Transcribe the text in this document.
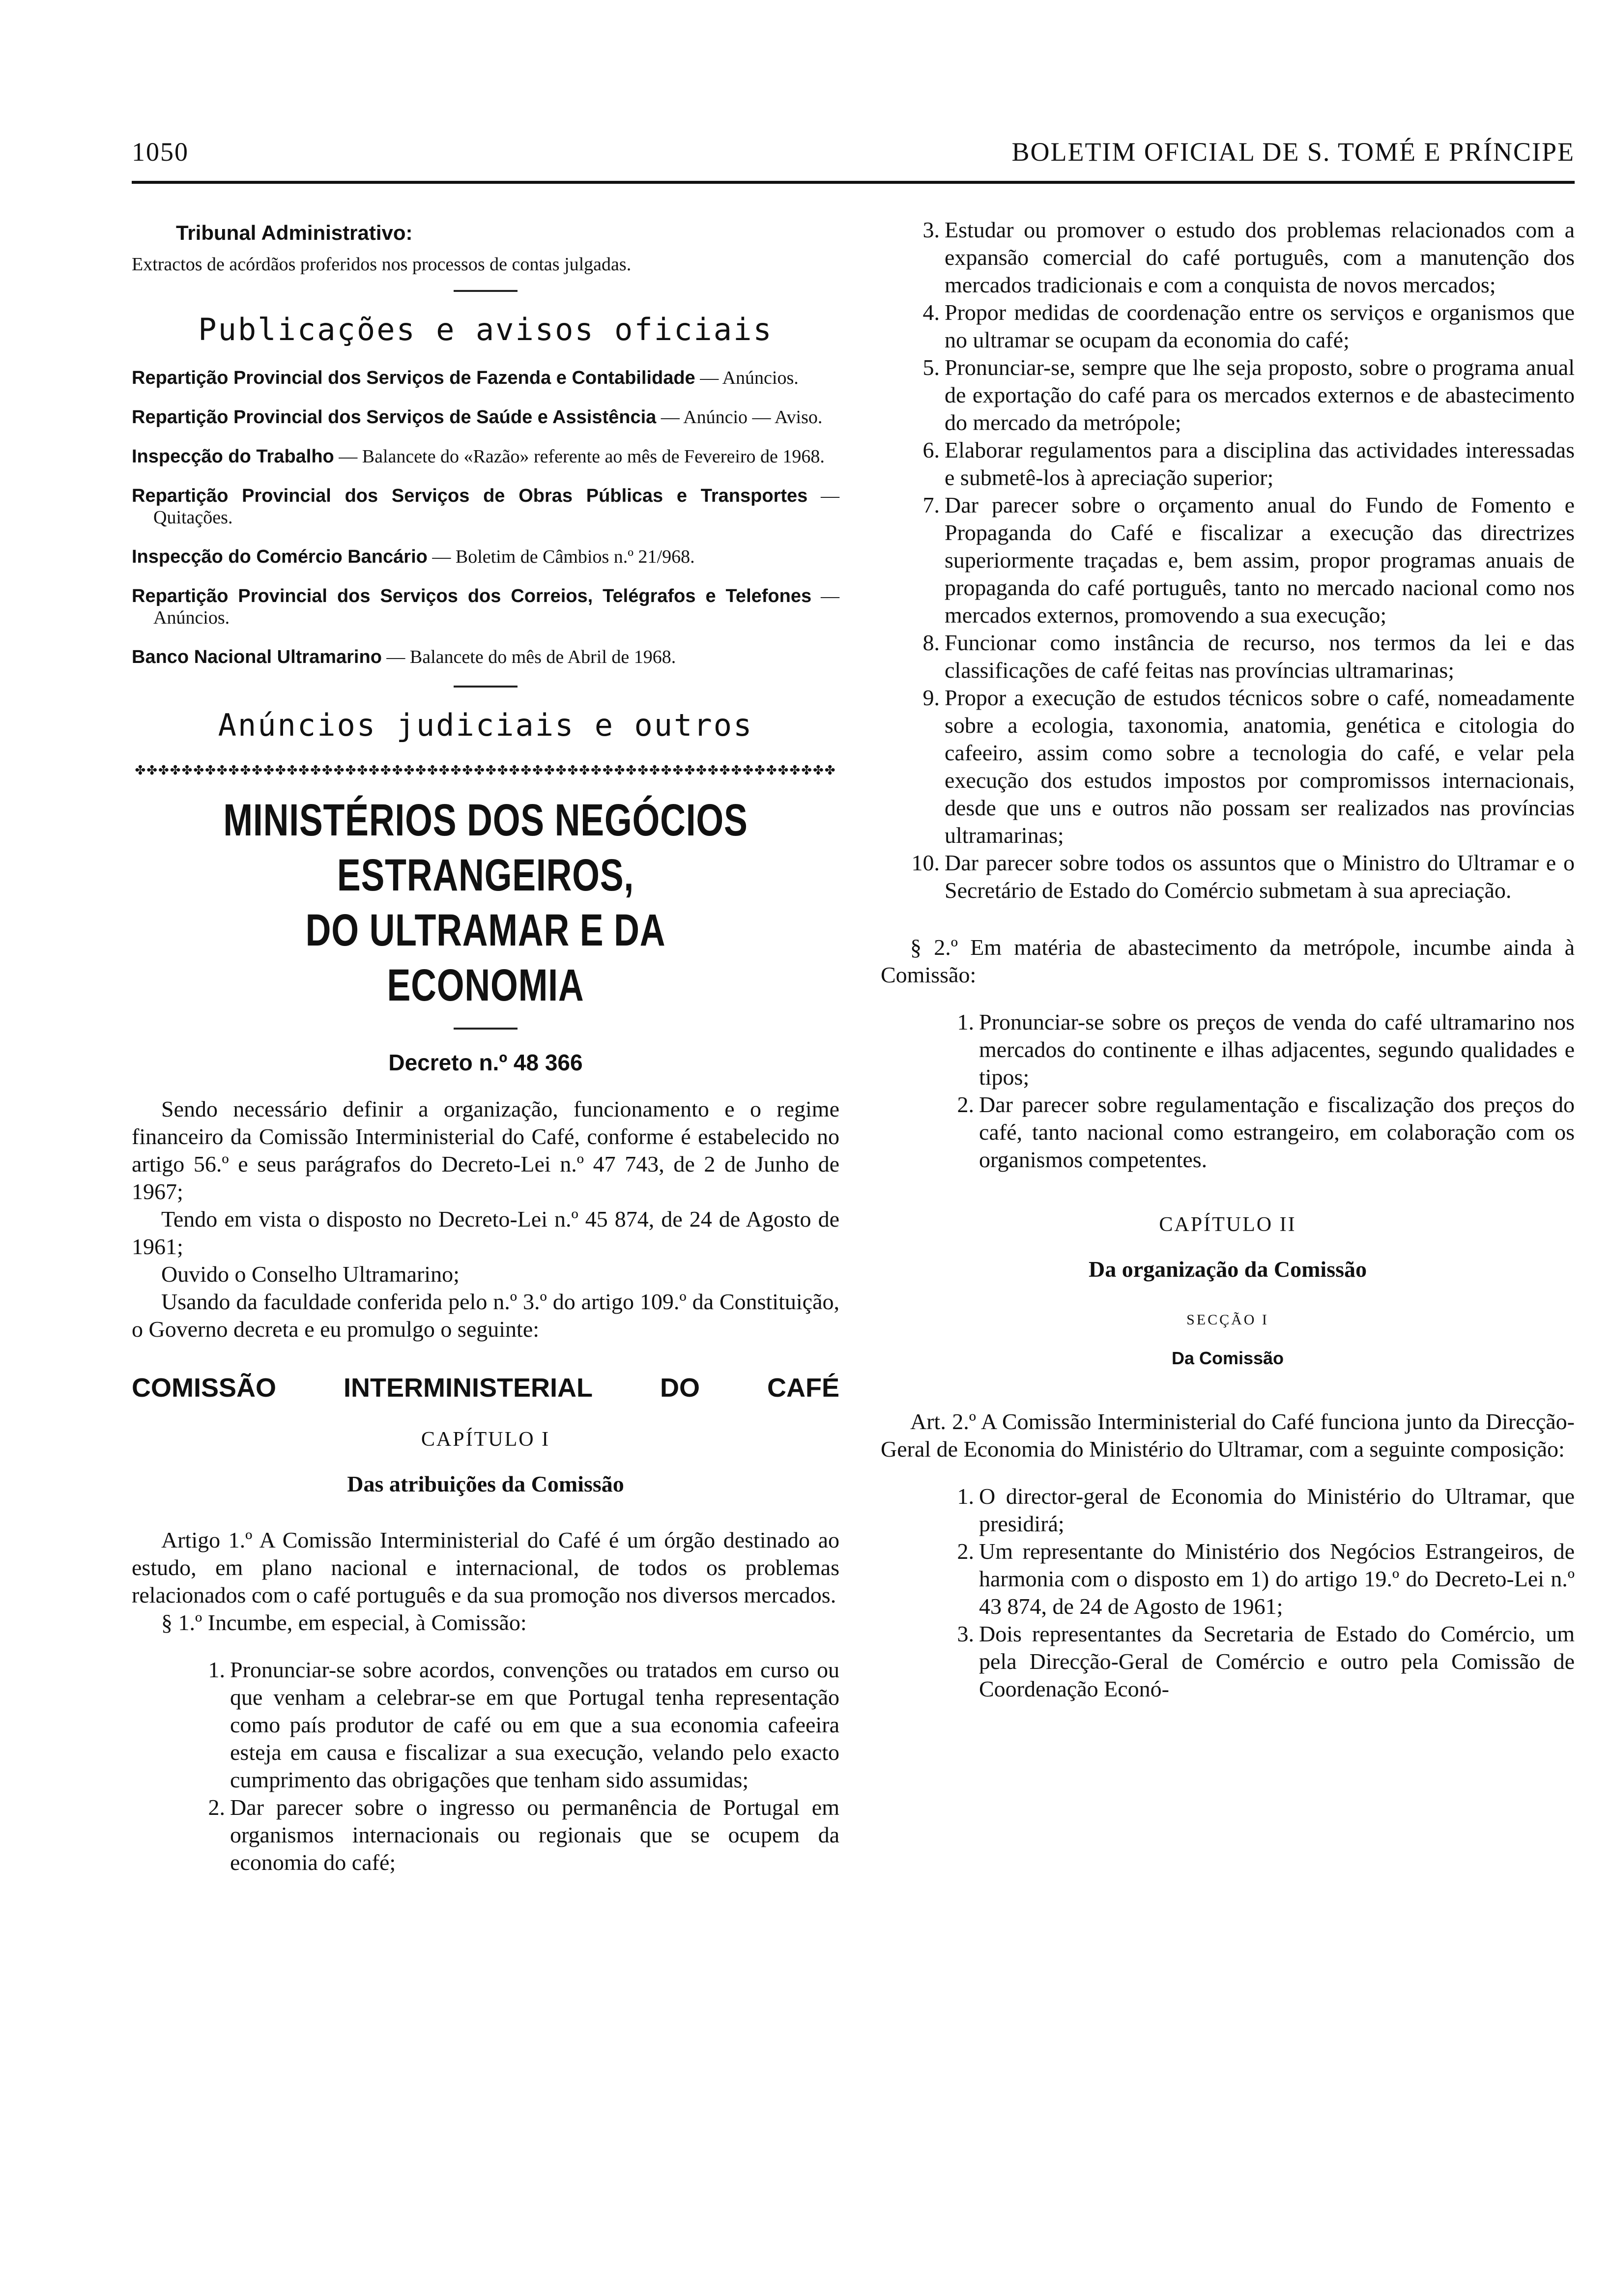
1050	BOLETIM OFICIAL DE S. TOMÉ E PRÍNCIPE
Tribunal Administrativo:
Extractos de acórdãos proferidos nos processos de contas julgadas.
Publicações e avisos oficiais
Repartição Provincial dos Serviços de Fazenda e Contabilidade — Anúncios.
Repartição Provincial dos Serviços de Saúde e Assistência — Anúncio — Aviso.
Inspecção do Trabalho — Balancete do «Razão» referente ao mês de Fevereiro de 1968.
Repartição Provincial dos Serviços de Obras Públicas e Transportes — Quitações.
Inspecção do Comércio Bancário — Boletim de Câmbios n.º 21/968.
Repartição Provincial dos Serviços dos Correios, Telégrafos e Telefones — Anúncios.
Banco Nacional Ultramarino — Balancete do mês de Abril de 1968.
Anúncios judiciais e outros
✤✤✤✤✤✤✤✤✤✤✤✤✤✤✤✤✤✤✤✤✤✤✤✤✤✤✤✤✤✤✤✤✤✤✤✤✤✤✤✤✤✤✤✤✤✤✤✤✤✤✤✤✤✤✤✤✤✤✤✤
MINISTÉRIOS DOS NEGÓCIOS ESTRANGEIROS,
DO ULTRAMAR E DA ECONOMIA
Decreto n.º 48 366

Sendo necessário definir a organização, funcionamento e o regime financeiro da Comissão Interministerial do Café, conforme é estabelecido no artigo 56.º e seus parágrafos do Decreto-Lei n.º 47 743, de 2 de Junho de 1967;

Tendo em vista o disposto no Decreto-Lei n.º 45 874, de 24 de Agosto de 1961;

Ouvido o Conselho Ultramarino;

Usando da faculdade conferida pelo n.º 3.º do artigo 109.º da Constituição, o Governo decreta e eu promulgo o seguinte:

COMISSÃO	INTERMINISTERIAL	DO	CAFÉ
CAPÍTULO I
Das atribuições da Comissão

Artigo 1.º A Comissão Interministerial do Café é um órgão destinado ao estudo, em plano nacional e internacional, de todos os problemas relacionados com o café português e da sua promoção nos diversos mercados.

§ 1.º Incumbe, em especial, à Comissão:

1. Pronunciar-se sobre acordos, convenções ou tratados em curso ou que venham a celebrar-se em que Portugal tenha representação como país produtor de café ou em que a sua economia cafeeira esteja em causa e fiscalizar a sua execução, velando pelo exacto cumprimento das obrigações que tenham sido assumidas;
2. Dar parecer sobre o ingresso ou permanência de Portugal em organismos internacionais ou regionais que se ocupem da economia do café;
3. Estudar ou promover o estudo dos problemas relacionados com a expansão comercial do café português, com a manutenção dos mercados tradicionais e com a conquista de novos mercados;
4. Propor medidas de coordenação entre os serviços e organismos que no ultramar se ocupam da economia do café;
5. Pronunciar-se, sempre que lhe seja proposto, sobre o programa anual de exportação do café para os mercados externos e de abastecimento do mercado da metrópole;
6. Elaborar regulamentos para a disciplina das actividades interessadas e submetê-los à apreciação superior;
7. Dar parecer sobre o orçamento anual do Fundo de Fomento e Propaganda do Café e fiscalizar a execução das directrizes superiormente traçadas e, bem assim, propor programas anuais de propaganda do café português, tanto no mercado nacional como nos mercados externos, promovendo a sua execução;
8. Funcionar como instância de recurso, nos termos da lei e das classificações de café feitas nas províncias ultramarinas;
9. Propor a execução de estudos técnicos sobre o café, nomeadamente sobre a ecologia, taxonomia, anatomia, genética e citologia do cafeeiro, assim como sobre a tecnologia do café, e velar pela execução dos estudos impostos por compromissos internacionais, desde que uns e outros não possam ser realizados nas províncias ultramarinas;
10. Dar parecer sobre todos os assuntos que o Ministro do Ultramar e o Secretário de Estado do Comércio submetam à sua apreciação.

§ 2.º Em matéria de abastecimento da metrópole, incumbe ainda à Comissão:

1. Pronunciar-se sobre os preços de venda do café ultramarino nos mercados do continente e ilhas adjacentes, segundo qualidades e tipos;
2. Dar parecer sobre regulamentação e fiscalização dos preços do café, tanto nacional como estrangeiro, em colaboração com os organismos competentes.
CAPÍTULO II
Da organização da Comissão
SECÇÃO I
Da Comissão

Art. 2.º A Comissão Interministerial do Café funciona junto da Direcção-Geral de Economia do Ministério do Ultramar, com a seguinte composição:

1. O director-geral de Economia do Ministério do Ultramar, que presidirá;
2. Um representante do Ministério dos Negócios Estrangeiros, de harmonia com o disposto em 1) do artigo 19.º do Decreto-Lei n.º 43 874, de 24 de Agosto de 1961;
3. Dois representantes da Secretaria de Estado do Comércio, um pela Direcção-Geral de Comércio e outro pela Comissão de Coordenação Econó-
